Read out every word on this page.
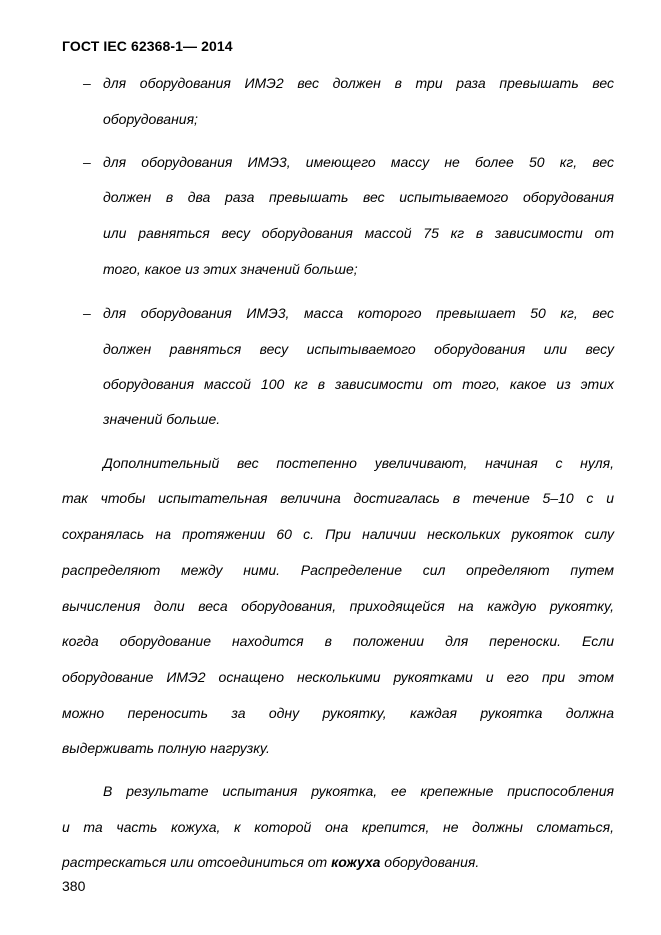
ГОСТ IEC 62368-1— 2014
– для оборудования ИМЭ2 вес должен в три раза превышать вес
оборудования;
– для оборудования ИМЭ3, имеющего массу не более 50 кг, вес
должен в два раза превышать вес испытываемого оборудования
или равняться весу оборудования массой 75 кг в зависимости от
того, какое из этих значений больше;
– для оборудования ИМЭ3, масса которого превышает 50 кг, вес
должен равняться весу испытываемого оборудования или весу
оборудования массой 100 кг в зависимости от того, какое из этих
значений больше.
Дополнительный вес постепенно увеличивают, начиная с нуля,
так чтобы испытательная величина достигалась в течение 5–10 с и
сохранялась на протяжении 60 с. При наличии нескольких рукояток силу
распределяют между ними. Распределение сил определяют путем
вычисления доли веса оборудования, приходящейся на каждую рукоятку,
когда оборудование находится в положении для переноски. Если
оборудование ИМЭ2 оснащено несколькими рукоятками и его при этом
можно переносить за одну рукоятку, каждая рукоятка должна
выдерживать полную нагрузку.
В результате испытания рукоятка, ее крепежные приспособления
и та часть кожуха, к которой она крепится, не должны сломаться,
растрескаться или отсоединиться от кожуха оборудования.
380
